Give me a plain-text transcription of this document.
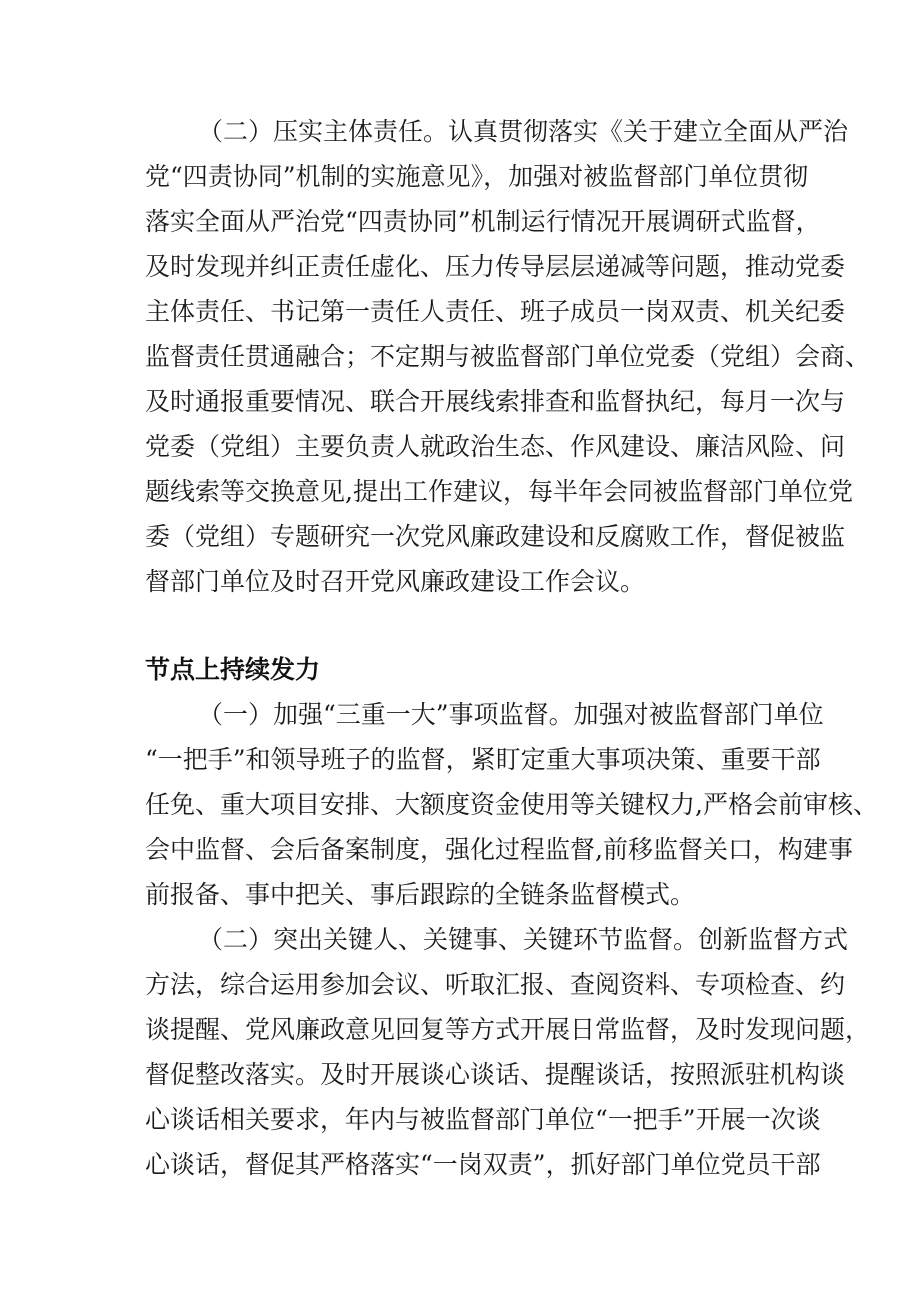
（二）压实主体责任。认真贯彻落实《关于建立全面从严治
党“四责协同”机制的实施意见》，加强对被监督部门单位贯彻
落实全面从严治党“四责协同”机制运行情况开展调研式监督，
及时发现并纠正责任虚化、压力传导层层递减等问题，推动党委
主体责任、书记第一责任人责任、班子成员一岗双责、机关纪委
监督责任贯通融合；不定期与被监督部门单位党委（党组）会商、
及时通报重要情况、联合开展线索排查和监督执纪，每月一次与
党委（党组）主要负责人就政治生态、作风建设、廉洁风险、问
题线索等交换意见,提出工作建议，每半年会同被监督部门单位党
委（党组）专题研究一次党风廉政建设和反腐败工作，督促被监
督部门单位及时召开党风廉政建设工作会议。
节点上持续发力
（一）加强“三重一大”事项监督。加强对被监督部门单位
“一把手”和领导班子的监督，紧盯定重大事项决策、重要干部
任免、重大项目安排、大额度资金使用等关键权力,严格会前审核、
会中监督、会后备案制度，强化过程监督,前移监督关口，构建事
前报备、事中把关、事后跟踪的全链条监督模式。
（二）突出关键人、关键事、关键环节监督。创新监督方式
方法，综合运用参加会议、听取汇报、查阅资料、专项检查、约
谈提醒、党风廉政意见回复等方式开展日常监督，及时发现问题，
督促整改落实。及时开展谈心谈话、提醒谈话，按照派驻机构谈
心谈话相关要求，年内与被监督部门单位“一把手”开展一次谈
心谈话，督促其严格落实“一岗双责”，抓好部门单位党员干部
